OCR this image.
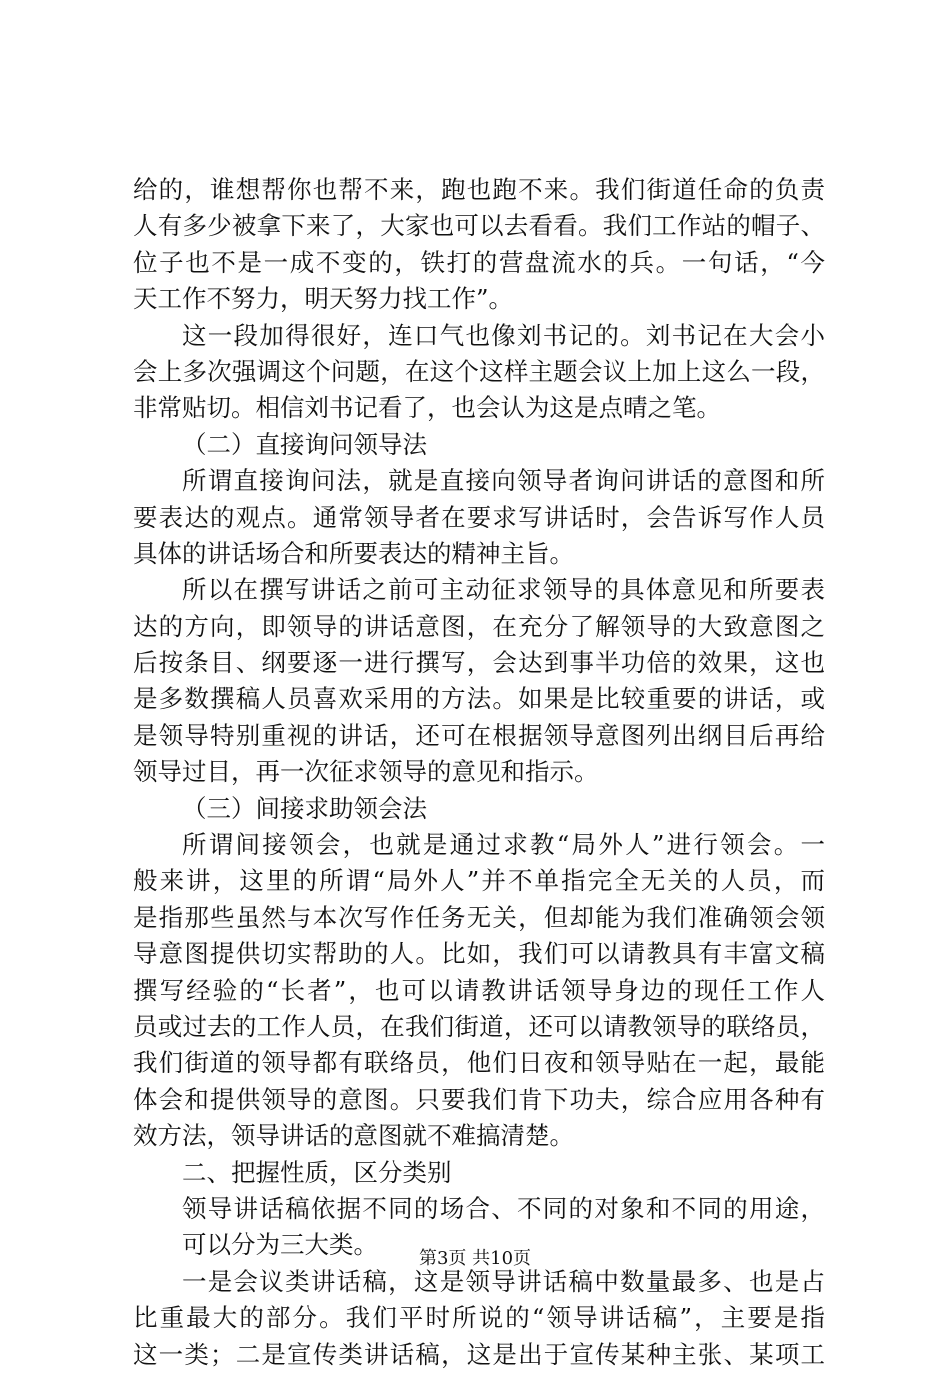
给的，谁想帮你也帮不来，跑也跑不来。我们街道任命的负责
人有多少被拿下来了，大家也可以去看看。我们工作站的帽子、
位子也不是一成不变的，铁打的营盘流水的兵。一句话，“今
天工作不努力，明天努力找工作”。
这一段加得很好，连口气也像刘书记的。刘书记在大会小
会上多次强调这个问题，在这个这样主题会议上加上这么一段，
非常贴切。相信刘书记看了，也会认为这是点晴之笔。
（二）直接询问领导法
所谓直接询问法，就是直接向领导者询问讲话的意图和所
要表达的观点。通常领导者在要求写讲话时，会告诉写作人员
具体的讲话场合和所要表达的精神主旨。
所以在撰写讲话之前可主动征求领导的具体意见和所要表
达的方向，即领导的讲话意图，在充分了解领导的大致意图之
后按条目、纲要逐一进行撰写，会达到事半功倍的效果，这也
是多数撰稿人员喜欢采用的方法。如果是比较重要的讲话，或
是领导特别重视的讲话，还可在根据领导意图列出纲目后再给
领导过目，再一次征求领导的意见和指示。
（三）间接求助领会法
所谓间接领会，也就是通过求教“局外人”进行领会。一
般来讲，这里的所谓“局外人”并不单指完全无关的人员，而
是指那些虽然与本次写作任务无关，但却能为我们准确领会领
导意图提供切实帮助的人。比如，我们可以请教具有丰富文稿
撰写经验的“长者”，也可以请教讲话领导身边的现任工作人
员或过去的工作人员，在我们街道，还可以请教领导的联络员，
我们街道的领导都有联络员，他们日夜和领导贴在一起，最能
体会和提供领导的意图。只要我们肯下功夫，综合应用各种有
效方法，领导讲话的意图就不难搞清楚。
二、把握性质，区分类别
领导讲话稿依据不同的场合、不同的对象和不同的用途，
可以分为三大类。
一是会议类讲话稿，这是领导讲话稿中数量最多、也是占
比重最大的部分。我们平时所说的“领导讲话稿”，主要是指
这一类；二是宣传类讲话稿，这是出于宣传某种主张、某项工
第3页 共10页
